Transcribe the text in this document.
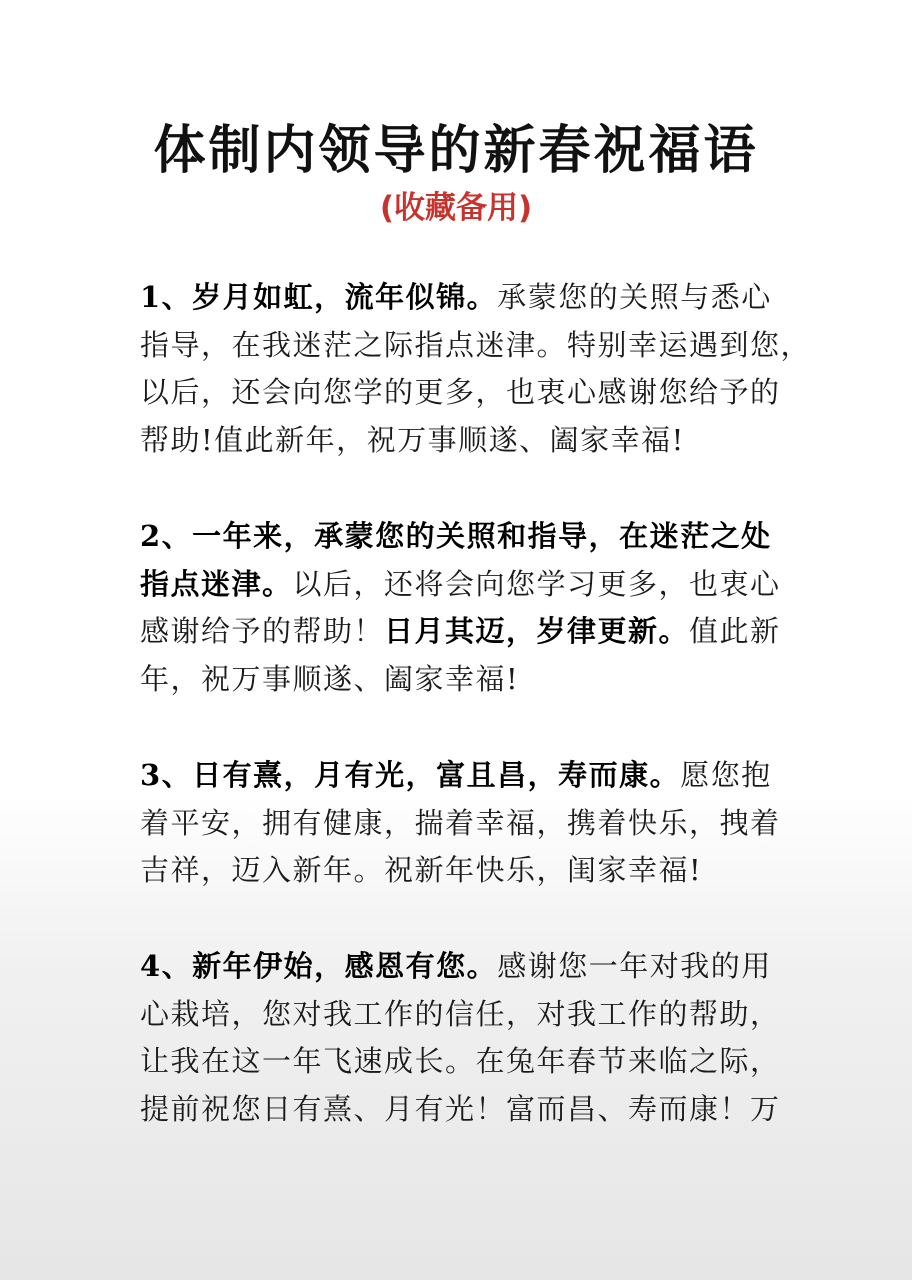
体制内领导的新春祝福语
(收藏备用)
1、岁月如虹，流年似锦。承蒙您的关照与悉心
指导，在我迷茫之际指点迷津。特别幸运遇到您，
以后，还会向您学的更多，也衷心感谢您给予的
帮助!值此新年，祝万事顺遂、阖家幸福!
2、一年来，承蒙您的关照和指导，在迷茫之处
指点迷津。以后，还将会向您学习更多，也衷心
感谢给予的帮助！日月其迈，岁律更新。值此新
年，祝万事顺遂、阖家幸福!
3、日有熹，月有光，富且昌，寿而康。愿您抱
着平安，拥有健康，揣着幸福，携着快乐，拽着
吉祥，迈入新年。祝新年快乐，闺家幸福!
4、新年伊始，感恩有您。感谢您一年对我的用
心栽培，您对我工作的信任，对我工作的帮助，
让我在这一年飞速成长。在兔年春节来临之际，
提前祝您日有熹、月有光！富而昌、寿而康！万
